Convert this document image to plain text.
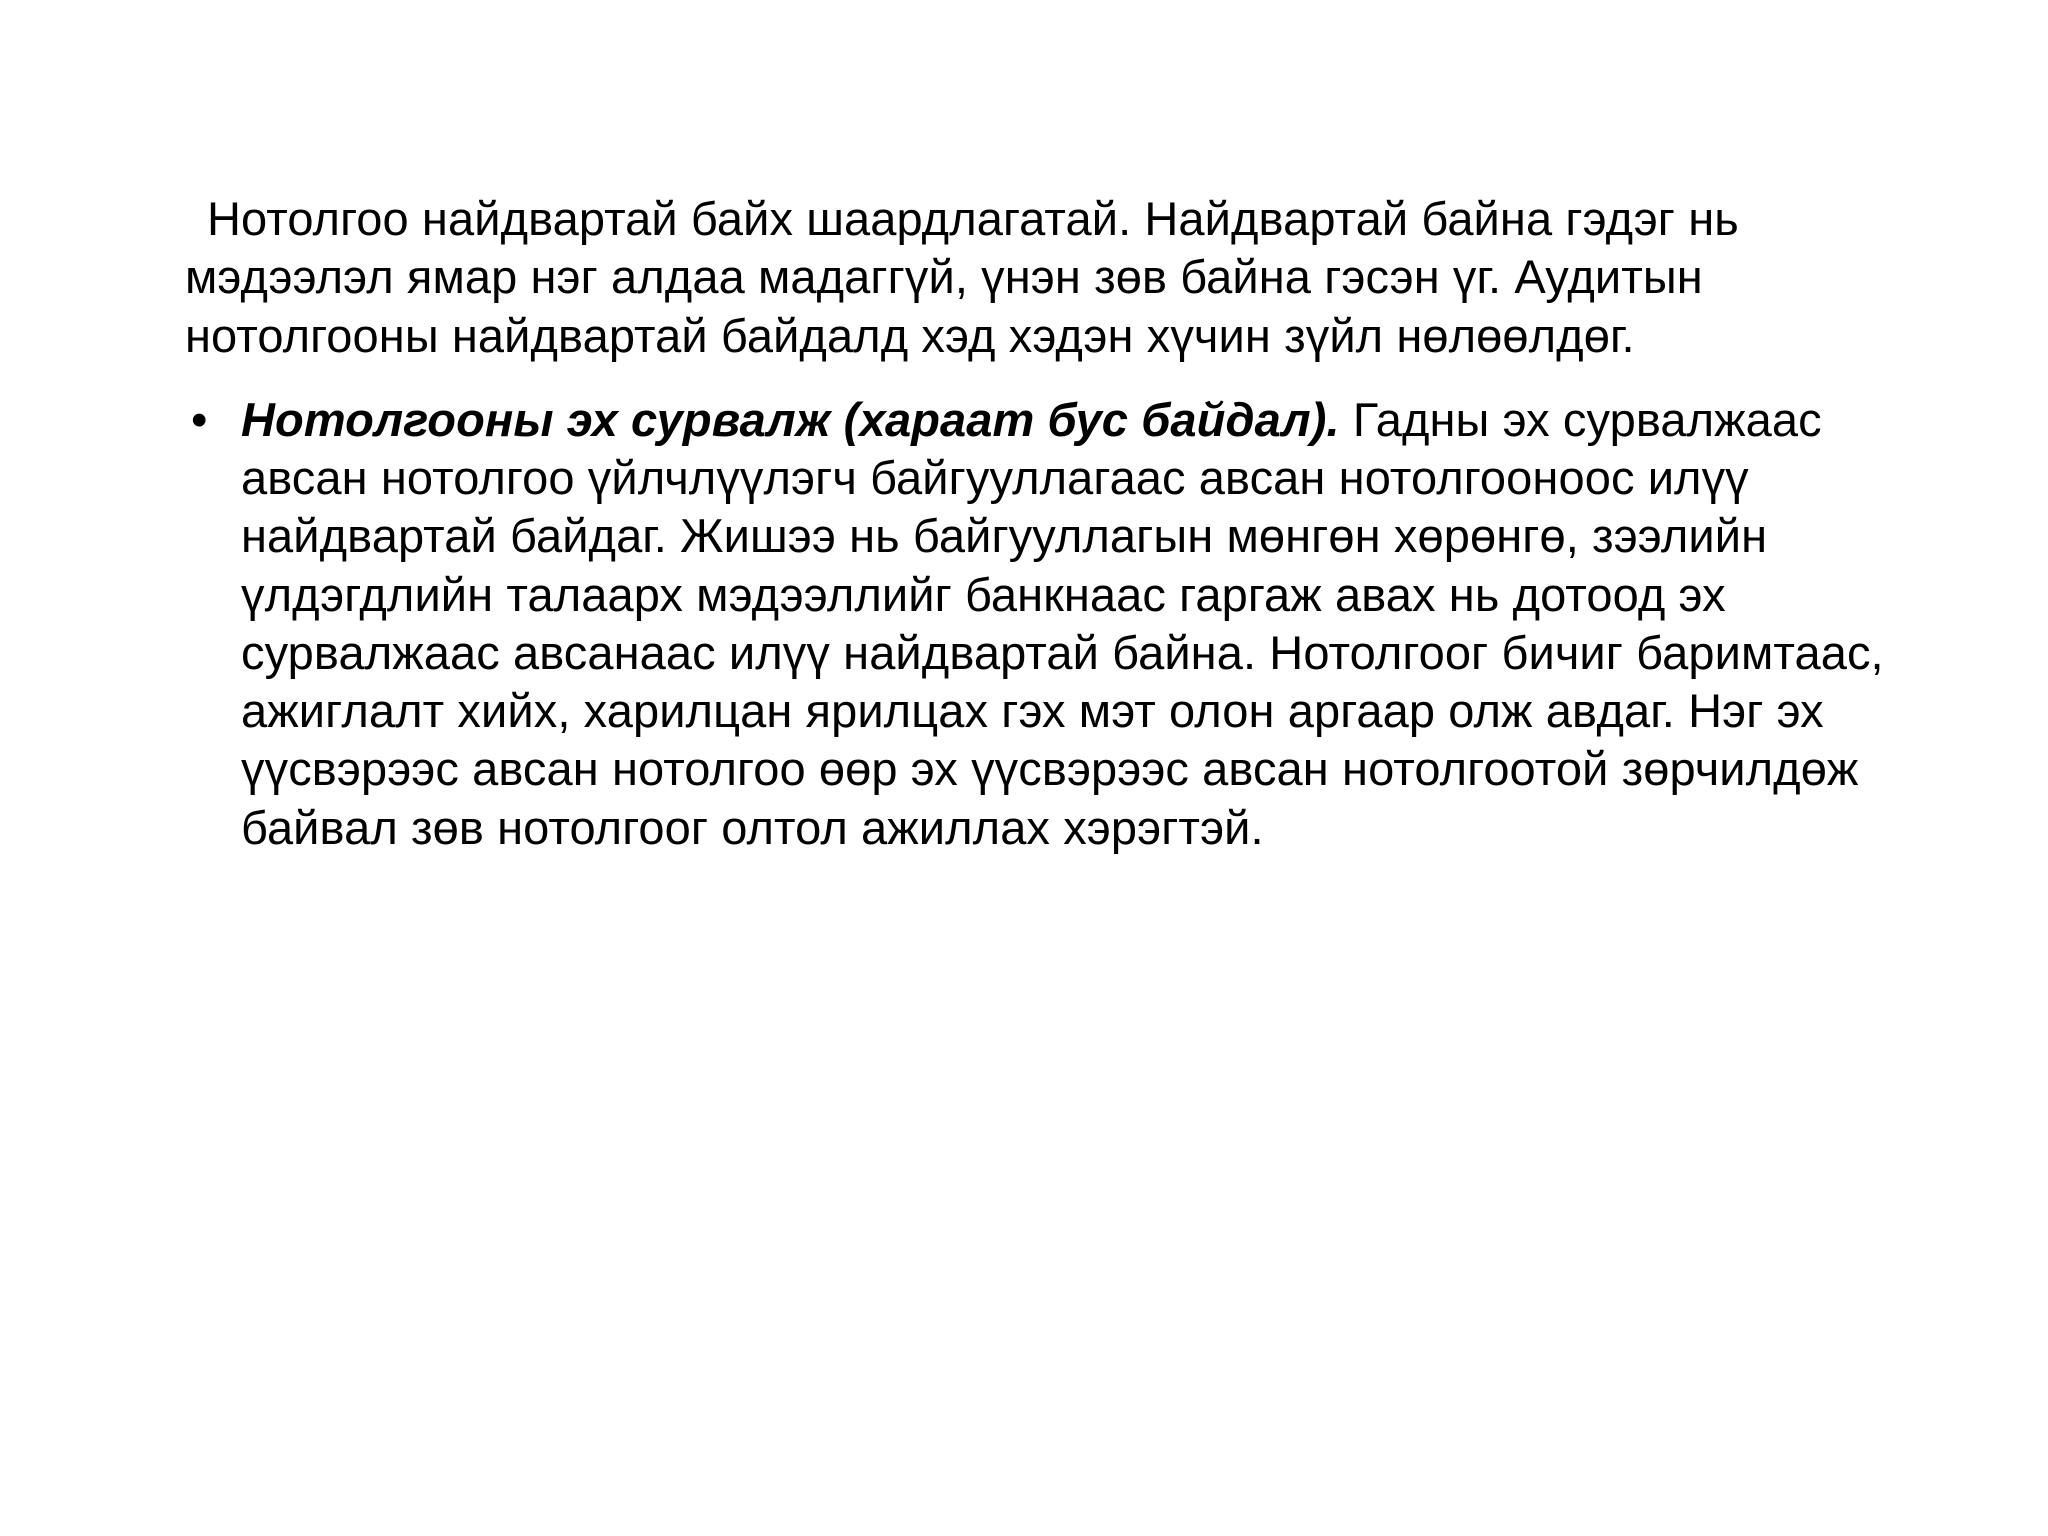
Нотолгоо найдвартай байх шаардлагатай. Найдвартай байна гэдэг нь мэдээлэл ямар нэг алдаа мадаггүй, үнэн зөв байна гэсэн үг. Аудитын нотолгооны найдвартай байдалд хэд хэдэн хүчин зүйл нөлөөлдөг.

• Нотолгооны эх сурвалж (хараат бус байдал). Гадны эх сурвалжаас авсан нотолгоо үйлчлүүлэгч байгууллагаас авсан нотолгооноос илүү найдвартай байдаг. Жишээ нь байгууллагын мөнгөн хөрөнгө, зээлийн үлдэгдлийн талаарх мэдээллийг банкнаас гаргаж авах нь дотоод эх сурвалжаас авсанаас илүү найдвартай байна. Нотолгоог бичиг баримтаас, ажиглалт хийх, харилцан ярилцах гэх мэт олон аргаар олж авдаг. Нэг эх үүсвэрээс авсан нотолгоо өөр эх үүсвэрээс авсан нотолгоотой зөрчилдөж байвал зөв нотолгоог олтол ажиллах хэрэгтэй.
